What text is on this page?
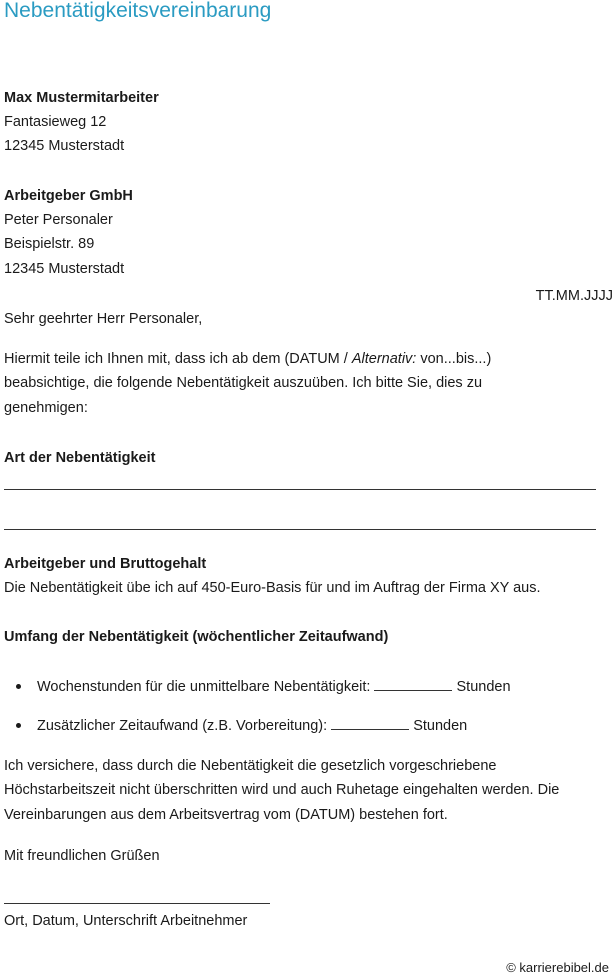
Nebentätigkeitsvereinbarung
Max Mustermitarbeiter
Fantasieweg 12
12345 Musterstadt
Arbeitgeber GmbH
Peter Personaler
Beispielstr. 89
12345 Musterstadt
TT.MM.JJJJ
Sehr geehrter Herr Personaler,
Hiermit teile ich Ihnen mit, dass ich ab dem (DATUM / Alternativ: von...bis...)
beabsichtige, die folgende Nebentätigkeit auszuüben. Ich bitte Sie, dies zu
genehmigen:
Art der Nebentätigkeit
Arbeitgeber und Bruttogehalt
Die Nebentätigkeit übe ich auf 450-Euro-Basis für und im Auftrag der Firma XY aus.
Umfang der Nebentätigkeit (wöchentlicher Zeitaufwand)
Wochenstunden für die unmittelbare Nebentätigkeit:	Stunden
Zusätzlicher Zeitaufwand (z.B. Vorbereitung):	Stunden
Ich versichere, dass durch die Nebentätigkeit die gesetzlich vorgeschriebene
Höchstarbeitszeit nicht überschritten wird und auch Ruhetage eingehalten werden. Die
Vereinbarungen aus dem Arbeitsvertrag vom (DATUM) bestehen fort.
Mit freundlichen Grüßen
Ort, Datum, Unterschrift Arbeitnehmer
© karrierebibel.de
